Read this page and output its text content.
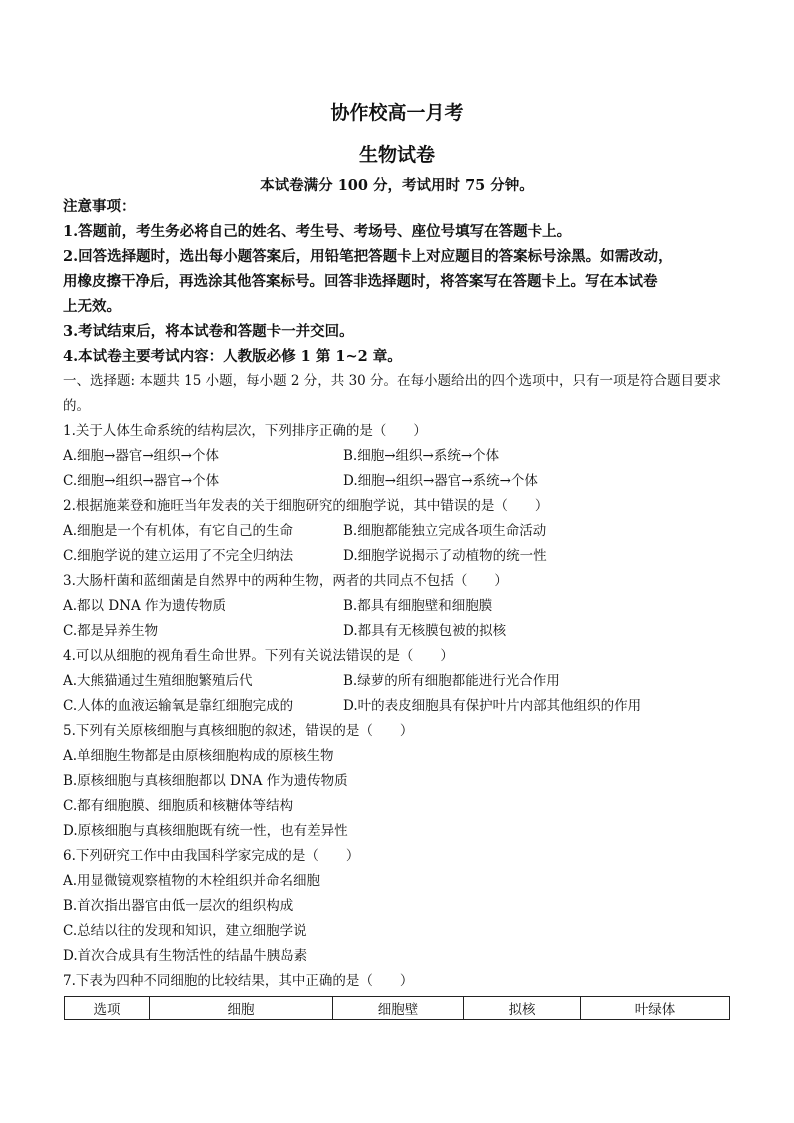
协作校高一月考
生物试卷
本试卷满分 100 分，考试用时 75 分钟。
注意事项：
1.答题前，考生务必将自己的姓名、考生号、考场号、座位号填写在答题卡上。
2.回答选择题时，选出每小题答案后，用铅笔把答题卡上对应题目的答案标号涂黑。如需改动，
用橡皮擦干净后，再选涂其他答案标号。回答非选择题时，将答案写在答题卡上。写在本试卷
上无效。
3.考试结束后，将本试卷和答题卡一并交回。
4.本试卷主要考试内容：人教版必修 1 第 1~2 章。
一、选择题: 本题共 15 小题，每小题 2 分，共 30 分。在每小题给出的四个选项中，只有一项是符合题目要求
的。
1.关于人体生命系统的结构层次，下列排序正确的是（　　）
A.细胞→器官→组织→个体	B.细胞→组织→系统→个体
C.细胞→组织→器官→个体	D.细胞→组织→器官→系统→个体
2.根据施莱登和施旺当年发表的关于细胞研究的细胞学说，其中错误的是（　　）
A.细胞是一个有机体，有它自己的生命	B.细胞都能独立完成各项生命活动
C.细胞学说的建立运用了不完全归纳法	D.细胞学说揭示了动植物的统一性
3.大肠杆菌和蓝细菌是自然界中的两种生物，两者的共同点不包括（　　）
A.都以 DNA 作为遗传物质	B.都具有细胞壁和细胞膜
C.都是异养生物	D.都具有无核膜包被的拟核
4.可以从细胞的视角看生命世界。下列有关说法错误的是（　　）
A.大熊猫通过生殖细胞繁殖后代	B.绿萝的所有细胞都能进行光合作用
C.人体的血液运输氧是靠红细胞完成的	D.叶的表皮细胞具有保护叶片内部其他组织的作用
5.下列有关原核细胞与真核细胞的叙述，错误的是（　　）
A.单细胞生物都是由原核细胞构成的原核生物
B.原核细胞与真核细胞都以 DNA 作为遗传物质
C.都有细胞膜、细胞质和核糖体等结构
D.原核细胞与真核细胞既有统一性，也有差异性
6.下列研究工作中由我国科学家完成的是（　　）
A.用显微镜观察植物的木栓组织并命名细胞
B.首次指出器官由低一层次的组织构成
C.总结以往的发现和知识，建立细胞学说
D.首次合成具有生物活性的结晶牛胰岛素
7.下表为四种不同细胞的比较结果，其中正确的是（　　）
选项	细胞	细胞壁	拟核	叶绿体
